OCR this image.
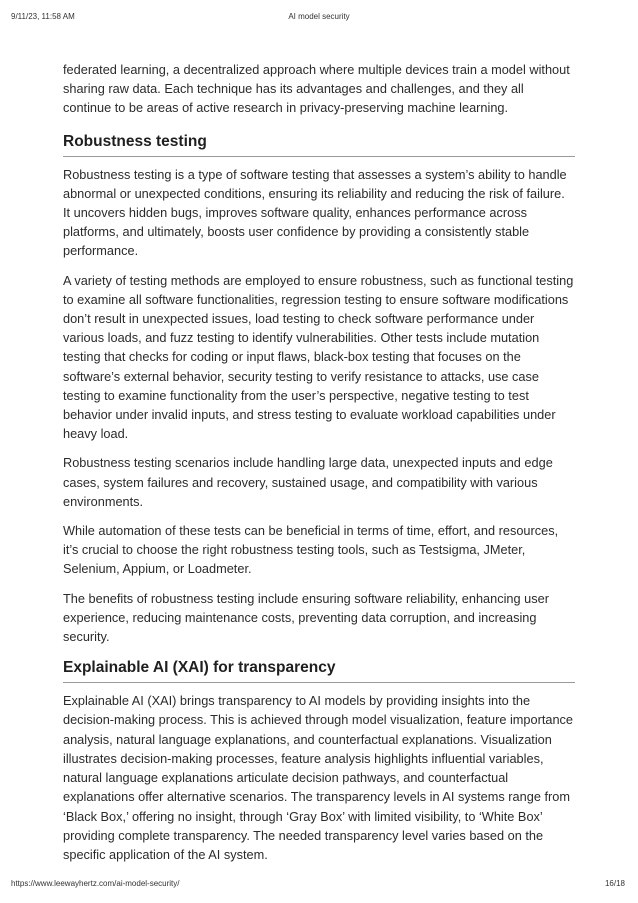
9/11/23, 11:58 AM	AI model security

federated learning, a decentralized approach where multiple devices train a model without sharing raw data. Each technique has its advantages and challenges, and they all continue to be areas of active research in privacy-preserving machine learning.

Robustness testing

Robustness testing is a type of software testing that assesses a system’s ability to handle abnormal or unexpected conditions, ensuring its reliability and reducing the risk of failure. It uncovers hidden bugs, improves software quality, enhances performance across platforms, and ultimately, boosts user confidence by providing a consistently stable performance.

A variety of testing methods are employed to ensure robustness, such as functional testing to examine all software functionalities, regression testing to ensure software modifications don’t result in unexpected issues, load testing to check software performance under various loads, and fuzz testing to identify vulnerabilities. Other tests include mutation testing that checks for coding or input flaws, black-box testing that focuses on the software’s external behavior, security testing to verify resistance to attacks, use case testing to examine functionality from the user’s perspective, negative testing to test behavior under invalid inputs, and stress testing to evaluate workload capabilities under heavy load.

Robustness testing scenarios include handling large data, unexpected inputs and edge cases, system failures and recovery, sustained usage, and compatibility with various environments.

While automation of these tests can be beneficial in terms of time, effort, and resources, it’s crucial to choose the right robustness testing tools, such as Testsigma, JMeter, Selenium, Appium, or Loadmeter.

The benefits of robustness testing include ensuring software reliability, enhancing user experience, reducing maintenance costs, preventing data corruption, and increasing security.

Explainable AI (XAI) for transparency

Explainable AI (XAI) brings transparency to AI models by providing insights into the decision-making process. This is achieved through model visualization, feature importance analysis, natural language explanations, and counterfactual explanations. Visualization illustrates decision-making processes, feature analysis highlights influential variables, natural language explanations articulate decision pathways, and counterfactual explanations offer alternative scenarios. The transparency levels in AI systems range from ‘Black Box,’ offering no insight, through ‘Gray Box’ with limited visibility, to ‘White Box’ providing complete transparency. The needed transparency level varies based on the specific application of the AI system.

https://www.leewayhertz.com/ai-model-security/	16/18
